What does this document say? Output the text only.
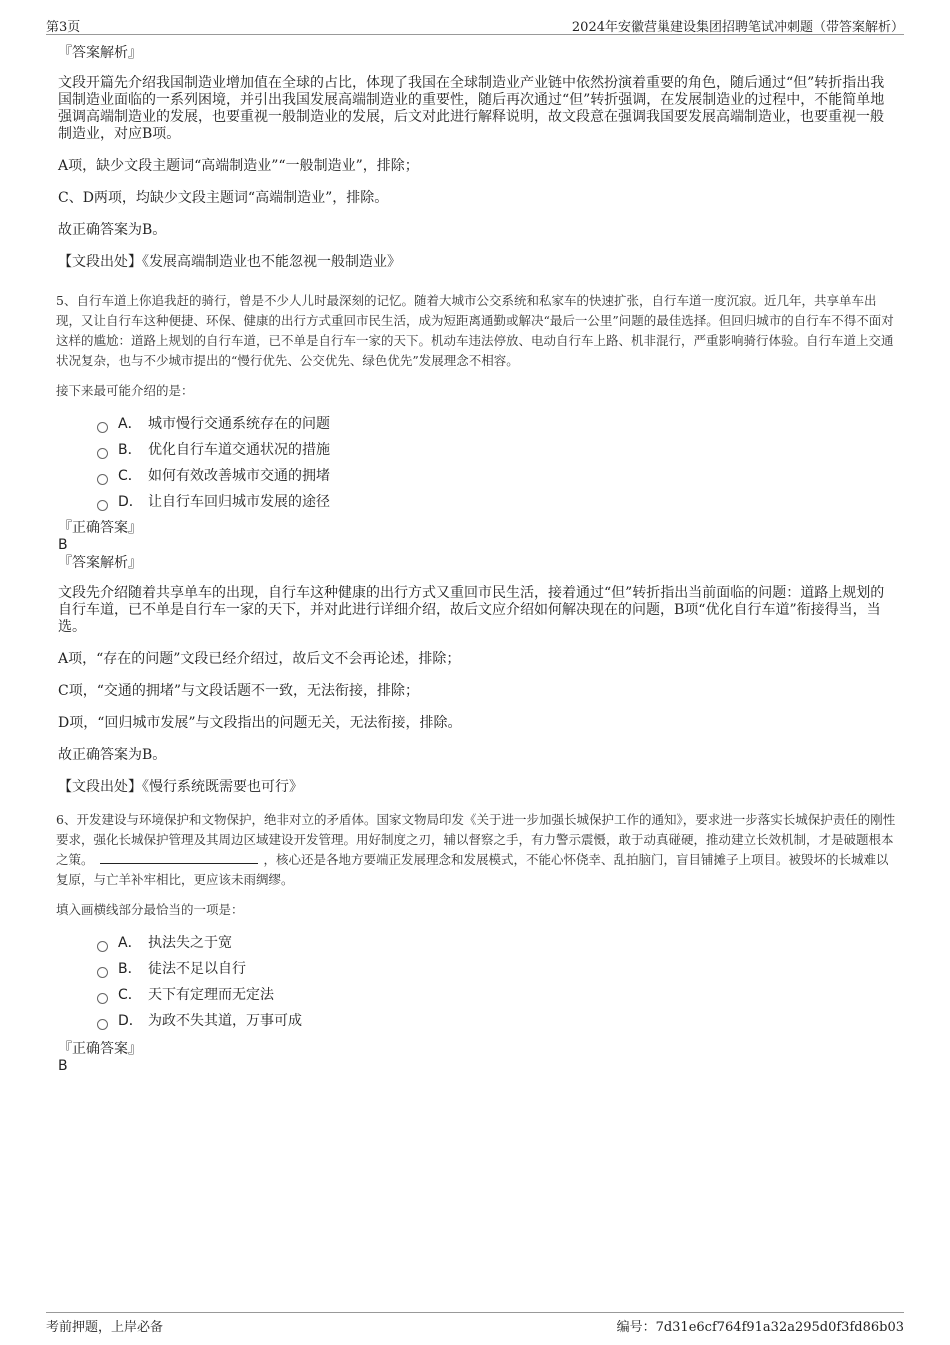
第3页	2024年安徽营巢建设集团招聘笔试冲刺题（带答案解析）
『答案解析』

文段开篇先介绍我国制造业增加值在全球的占比，体现了我国在全球制造业产业链中依然扮演着重要的角色，随后通过“但”转折指出我国制造业面临的一系列困境，并引出我国发展高端制造业的重要性，随后再次通过“但”转折强调，在发展制造业的过程中，不能简单地强调高端制造业的发展，也要重视一般制造业的发展，后文对此进行解释说明，故文段意在强调我国要发展高端制造业，也要重视一般制造业，对应B项。

A项，缺少文段主题词“高端制造业”“一般制造业”，排除；

C、D两项，均缺少文段主题词“高端制造业”，排除。

故正确答案为B。

【文段出处】《发展高端制造业也不能忽视一般制造业》

5、自行车道上你追我赶的骑行，曾是不少人儿时最深刻的记忆。随着大城市公交系统和私家车的快速扩张，自行车道一度沉寂。近几年，共享单车出现，又让自行车这种便捷、环保、健康的出行方式重回市民生活，成为短距离通勤或解决“最后一公里”问题的最佳选择。但回归城市的自行车不得不面对这样的尴尬：道路上规划的自行车道，已不单是自行车一家的天下。机动车违法停放、电动自行车上路、机非混行，严重影响骑行体验。自行车道上交通状况复杂，也与不少城市提出的“慢行优先、公交优先、绿色优先”发展理念不相容。

接下来最可能介绍的是：
A． 城市慢行交通系统存在的问题
B． 优化自行车道交通状况的措施
C． 如何有效改善城市交通的拥堵
D． 让自行车回归城市发展的途径
『正确答案』
B
『答案解析』

文段先介绍随着共享单车的出现，自行车这种健康的出行方式又重回市民生活，接着通过“但”转折指出当前面临的问题：道路上规划的自行车道，已不单是自行车一家的天下，并对此进行详细介绍，故后文应介绍如何解决现在的问题，B项“优化自行车道”衔接得当，当选。

A项，“存在的问题”文段已经介绍过，故后文不会再论述，排除；

C项，“交通的拥堵”与文段话题不一致，无法衔接，排除；

D项，“回归城市发展”与文段指出的问题无关，无法衔接，排除。

故正确答案为B。

【文段出处】《慢行系统既需要也可行》

6、开发建设与环境保护和文物保护，绝非对立的矛盾体。国家文物局印发《关于进一步加强长城保护工作的通知》，要求进一步落实长城保护责任的刚性要求，强化长城保护管理及其周边区域建设开发管理。用好制度之刃，辅以督察之手，有力警示震慑，敢于动真碰硬，推动建立长效机制，才是破题根本之策。	，核心还是各地方要端正发展理念和发展模式，不能心怀侥幸、乱拍脑门，盲目铺摊子上项目。被毁坏的长城难以复原，与亡羊补牢相比，更应该未雨绸缪。

填入画横线部分最恰当的一项是：
A． 执法失之于宽
B． 徒法不足以自行
C． 天下有定理而无定法
D． 为政不失其道，万事可成
『正确答案』
B
考前押题，上岸必备	编号：7d31e6cf764f91a32a295d0f3fd86b03
